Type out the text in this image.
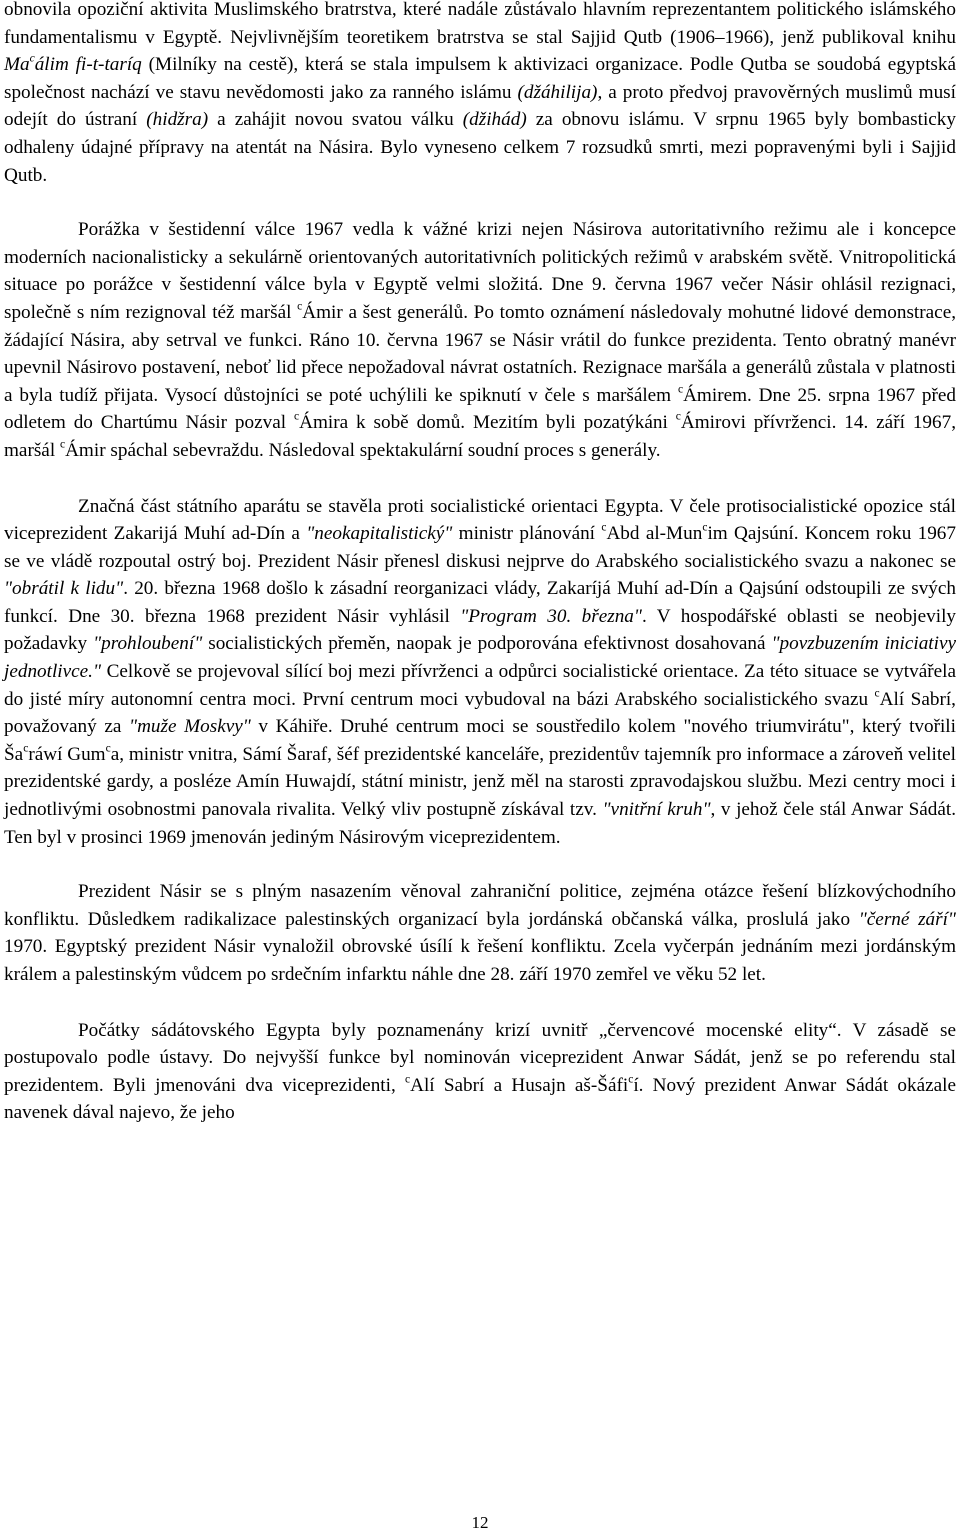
obnovila opoziční aktivita Muslimského bratrstva, které nadále zůstávalo hlavním reprezentantem politického islámského fundamentalismu v Egyptě. Nejvlivnějším teoretikem bratrstva se stal Sajjid Qutb (1906–1966), jenž publikoval knihu Ma$^c$álim fi-t-taríq (Milníky na cestě), která se stala impulsem k aktivizaci organizace. Podle Qutba se soudobá egyptská společnost nachází ve stavu nevědomosti jako za ranného islámu (džáhilija), a proto předvoj pravověrných muslimů musí odejít do ústraní (hidžra) a zahájit novou svatou válku (džihád) za obnovu islámu. V srpnu 1965 byly bombasticky odhaleny údajné přípravy na atentát na Násira. Bylo vyneseno celkem 7 rozsudků smrti, mezi popravenými byli i Sajjid Qutb.

Porážka v šestidenní válce 1967 vedla k vážné krizi nejen Násirova autoritativního režimu ale i koncepce moderních nacionalisticky a sekulárně orientovaných autoritativních politických režimů v arabském světě. Vnitropolitická situace po porážce v šestidenní válce byla v Egyptě velmi složitá. Dne 9. června 1967 večer Násir ohlásil rezignaci, společně s ním rezignoval též maršál $^c$Ámir a šest generálů. Po tomto oznámení následovaly mohutné lidové demonstrace, žádající Násira, aby setrval ve funkci. Ráno 10. června 1967 se Násir vrátil do funkce prezidenta. Tento obratný manévr upevnil Násirovo postavení, neboť lid přece nepožadoval návrat ostatních. Rezignace maršála a generálů zůstala v platnosti a byla tudíž přijata. Vysocí důstojníci se poté uchýlili ke spiknutí v čele s maršálem $^c$Ámirem. Dne 25. srpna 1967 před odletem do Chartúmu Násir pozval $^c$Ámira k sobě domů. Mezitím byli pozatýkáni $^c$Ámirovi přívrženci. 14. září 1967, maršál $^c$Ámir spáchal sebevraždu. Následoval spektakulární soudní proces s generály.

Značná část státního aparátu se stavěla proti socialistické orientaci Egypta. V čele protisocialistické opozice stál viceprezident Zakarijá Muhí ad-Dín a "neokapitalistický" ministr plánování $^c$Abd al-Mun$^c$im Qajsúní. Koncem roku 1967 se ve vládě rozpoutal ostrý boj. Prezident Násir přenesl diskusi nejprve do Arabského socialistického svazu a nakonec se "obrátil k lidu". 20. března 1968 došlo k zásadní reorganizaci vlády, Zakaríjá Muhí ad-Dín a Qajsúní odstoupili ze svých funkcí. Dne 30. března 1968 prezident Násir vyhlásil "Program 30. března". V hospodářské oblasti se neobjevily požadavky "prohloubení" socialistických přeměn, naopak je podporována efektivnost dosahovaná "povzbuzením iniciativy jednotlivce." Celkově se projevoval sílící boj mezi přívrženci a odpůrci socialistické orientace. Za této situace se vytvářela do jisté míry autonomní centra moci. První centrum moci vybudoval na bázi Arabského socialistického svazu $^c$Alí Sabrí, považovaný za "muže Moskvy" v Káhiře. Druhé centrum moci se soustředilo kolem "nového triumvirátu", který tvořili $Ša^cráwí$ Gum$^c$a, ministr vnitra, Sámí Šaraf, šéf prezidentské kanceláře, prezidentův tajemník pro informace a zároveň velitel prezidentské gardy, a posléze Amín Huwajdí, státní ministr, jenž měl na starosti zpravodajskou službu. Mezi centry moci i jednotlivými osobnostmi panovala rivalita. Velký vliv postupně získával tzv. "vnitřní kruh", v jehož čele stál Anwar Sádát. Ten byl v prosinci 1969 jmenován jediným Násirovým viceprezidentem.

Prezident Násir se s plným nasazením věnoval zahraniční politice, zejména otázce řešení blízkovýchodního konfliktu. Důsledkem radikalizace palestinských organizací byla jordánská občanská válka, proslulá jako "černé září" 1970. Egyptský prezident Násir vynaložil obrovské úsílí k řešení konfliktu. Zcela vyčerpán jednáním mezi jordánským králem a palestinským vůdcem po srdečním infarktu náhle dne 28. září 1970 zemřel ve věku 52 let.

Počátky sádátovského Egypta byly poznamenány krizí uvnitř „červencové mocenské elity“. V zásadě se postupovalo podle ústavy. Do nejvyšší funkce byl nominován viceprezident Anwar Sádát, jenž se po referendu stal prezidentem. Byli jmenováni dva viceprezidenti, $^c$Alí Sabrí a Husajn aš-Šáfi$^c$í. Nový prezident Anwar Sádát okázale navenek dával najevo, že jeho

12
